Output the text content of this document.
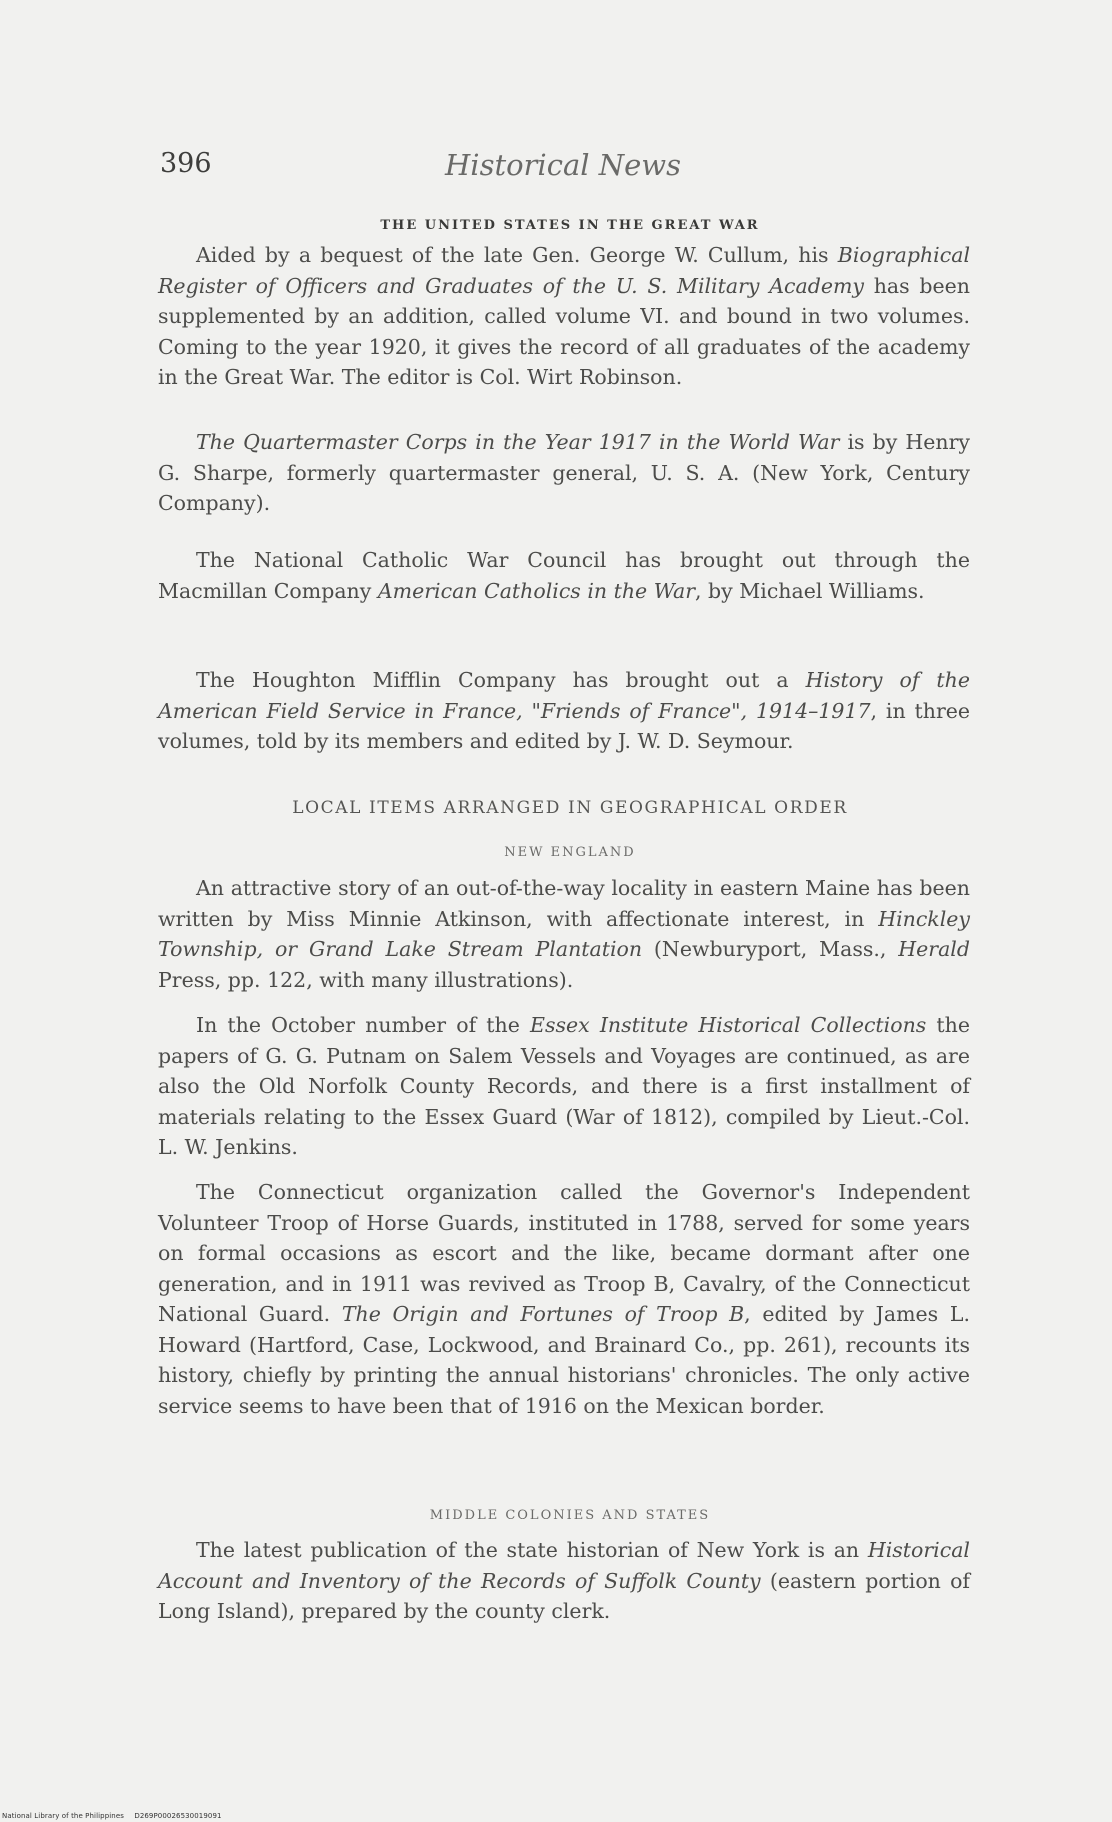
396	Historical News
THE UNITED STATES IN THE GREAT WAR

Aided by a bequest of the late Gen. George W. Cullum, his Biographical Register of Officers and Graduates of the U. S. Military Academy has been supplemented by an addition, called volume VI. and bound in two volumes. Coming to the year 1920, it gives the record of all graduates of the academy in the Great War. The editor is Col. Wirt Robinson.

The Quartermaster Corps in the Year 1917 in the World War is by Henry G. Sharpe, formerly quartermaster general, U. S. A. (New York, Century Company).

The National Catholic War Council has brought out through the Macmillan Company American Catholics in the War, by Michael Williams.

The Houghton Mifflin Company has brought out a History of the American Field Service in France, "Friends of France", 1914–1917, in three volumes, told by its members and edited by J. W. D. Seymour.

LOCAL ITEMS ARRANGED IN GEOGRAPHICAL ORDER
NEW ENGLAND

An attractive story of an out-of-the-way locality in eastern Maine has been written by Miss Minnie Atkinson, with affectionate interest, in Hinckley Township, or Grand Lake Stream Plantation (Newburyport, Mass., Herald Press, pp. 122, with many illustrations).

In the October number of the Essex Institute Historical Collections the papers of G. G. Putnam on Salem Vessels and Voyages are continued, as are also the Old Norfolk County Records, and there is a first installment of materials relating to the Essex Guard (War of 1812), compiled by Lieut.-Col. L. W. Jenkins.

The Connecticut organization called the Governor's Independent Volunteer Troop of Horse Guards, instituted in 1788, served for some years on formal occasions as escort and the like, became dormant after one generation, and in 1911 was revived as Troop B, Cavalry, of the Connecticut National Guard. The Origin and Fortunes of Troop B, edited by James L. Howard (Hartford, Case, Lockwood, and Brainard Co., pp. 261), recounts its history, chiefly by printing the annual historians' chronicles. The only active service seems to have been that of 1916 on the Mexican border.

MIDDLE COLONIES AND STATES

The latest publication of the state historian of New York is an Historical Account and Inventory of the Records of Suffolk County (eastern portion of Long Island), prepared by the county clerk.

National Library of the Philippines D269P00026530019091
